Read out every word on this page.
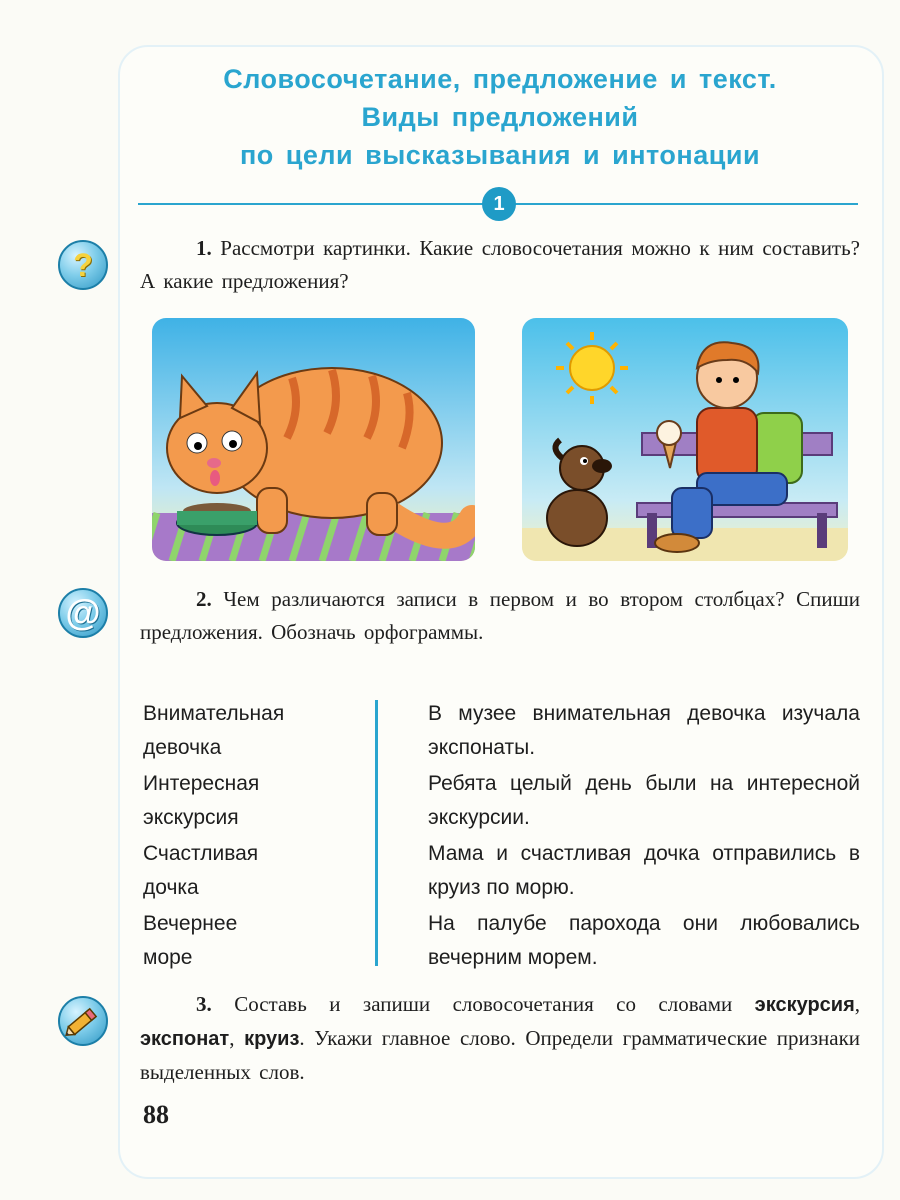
Словосочетание, предложение и текст.
Виды предложений
по цели высказывания и интонации
1
?	1. Рассмотри картинки. Какие словосочетания можно к ним составить? А какие предложения?
@	2. Чем различаются записи в первом и во втором столбцах? Спиши предложения. Обозначь орфограммы.
Внимательная
девочка
Интересная
экскурсия
Счастливая
дочка
Вечернее
море
В музее внимательная девочка изучала экспонаты.
Ребята целый день были на интересной экскурсии.
Мама и счастливая дочка отправились в круиз по морю.
На палубе парохода они любовались вечерним морем.
3. Составь и запиши словосочетания со словами экскурсия, экспонат, круиз. Укажи главное слово. Определи грамматические признаки выделенных слов.
88
